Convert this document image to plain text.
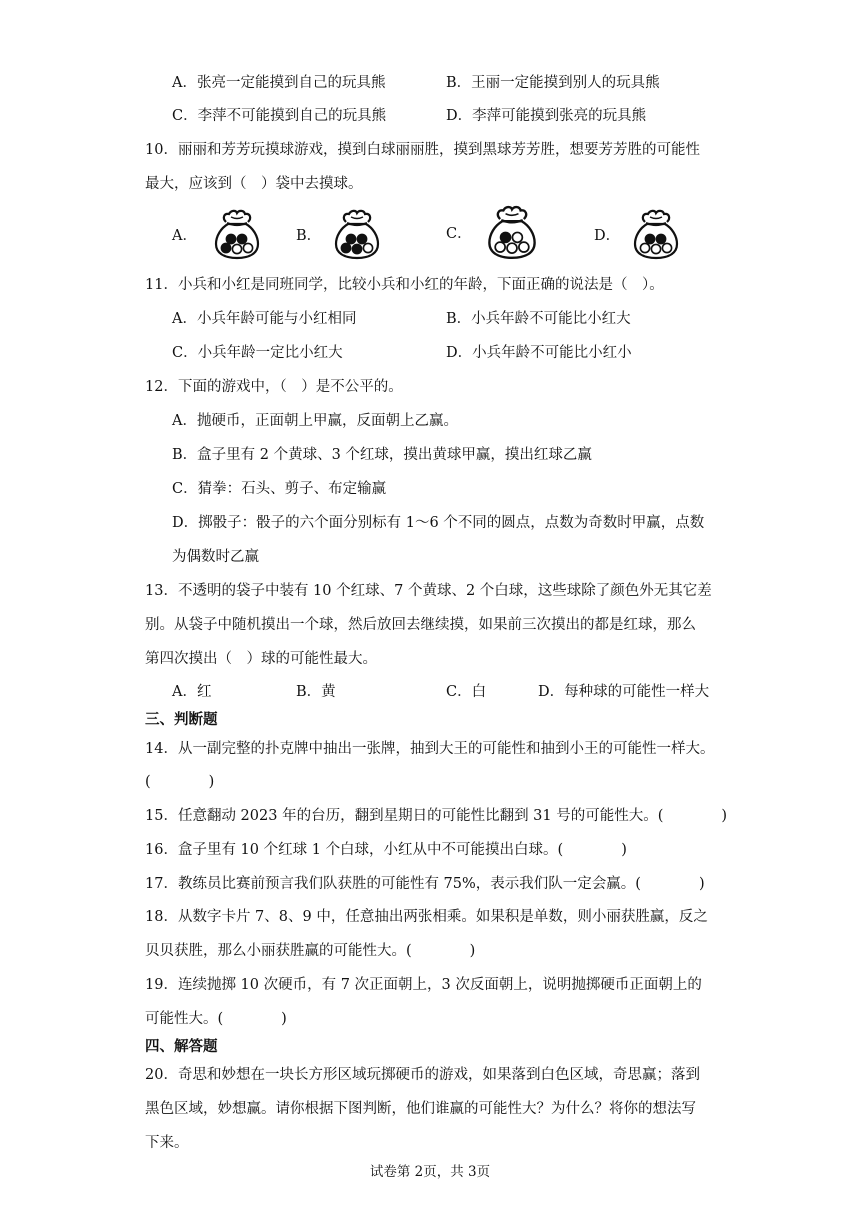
A．张亮一定能摸到自己的玩具熊	B．王丽一定能摸到别人的玩具熊
C．李萍不可能摸到自己的玩具熊	D．李萍可能摸到张亮的玩具熊
10．丽丽和芳芳玩摸球游戏，摸到白球丽丽胜，摸到黑球芳芳胜，想要芳芳胜的可能性
最大，应该到（　）袋中去摸球。
A．	B．	C．	D．
11．小兵和小红是同班同学，比较小兵和小红的年龄，下面正确的说法是（　）。
A．小兵年龄可能与小红相同	B．小兵年龄不可能比小红大
C．小兵年龄一定比小红大	D．小兵年龄不可能比小红小
12．下面的游戏中，（　）是不公平的。
A．抛硬币，正面朝上甲赢，反面朝上乙赢。
B．盒子里有 2 个黄球、3 个红球，摸出黄球甲赢，摸出红球乙赢
C．猜拳：石头、剪子、布定输赢
D．掷骰子：骰子的六个面分别标有 1～6 个不同的圆点，点数为奇数时甲赢，点数
为偶数时乙赢
13．不透明的袋子中装有 10 个红球、7 个黄球、2 个白球，这些球除了颜色外无其它差
别。从袋子中随机摸出一个球，然后放回去继续摸，如果前三次摸出的都是红球，那么
第四次摸出（　）球的可能性最大。
A．红	B．黄	C．白	D．每种球的可能性一样大
三、判断题
14．从一副完整的扑克牌中抽出一张牌，抽到大王的可能性和抽到小王的可能性一样大。
(　　　　)
15．任意翻动 2023 年的台历，翻到星期日的可能性比翻到 31 号的可能性大。(　　　　)
16．盒子里有 10 个红球 1 个白球，小红从中不可能摸出白球。(　　　　)
17．教练员比赛前预言我们队获胜的可能性有 75%，表示我们队一定会赢。(　　　　)
18．从数字卡片 7、8、9 中，任意抽出两张相乘。如果积是单数，则小丽获胜赢，反之
贝贝获胜，那么小丽获胜赢的可能性大。(　　　　)
19．连续抛掷 10 次硬币，有 7 次正面朝上，3 次反面朝上，说明抛掷硬币正面朝上的
可能性大。(　　　　)
四、解答题
20．奇思和妙想在一块长方形区域玩掷硬币的游戏，如果落到白色区域，奇思赢；落到
黑色区域，妙想赢。请你根据下图判断，他们谁赢的可能性大？为什么？将你的想法写
下来。
试卷第 2页，共 3页
